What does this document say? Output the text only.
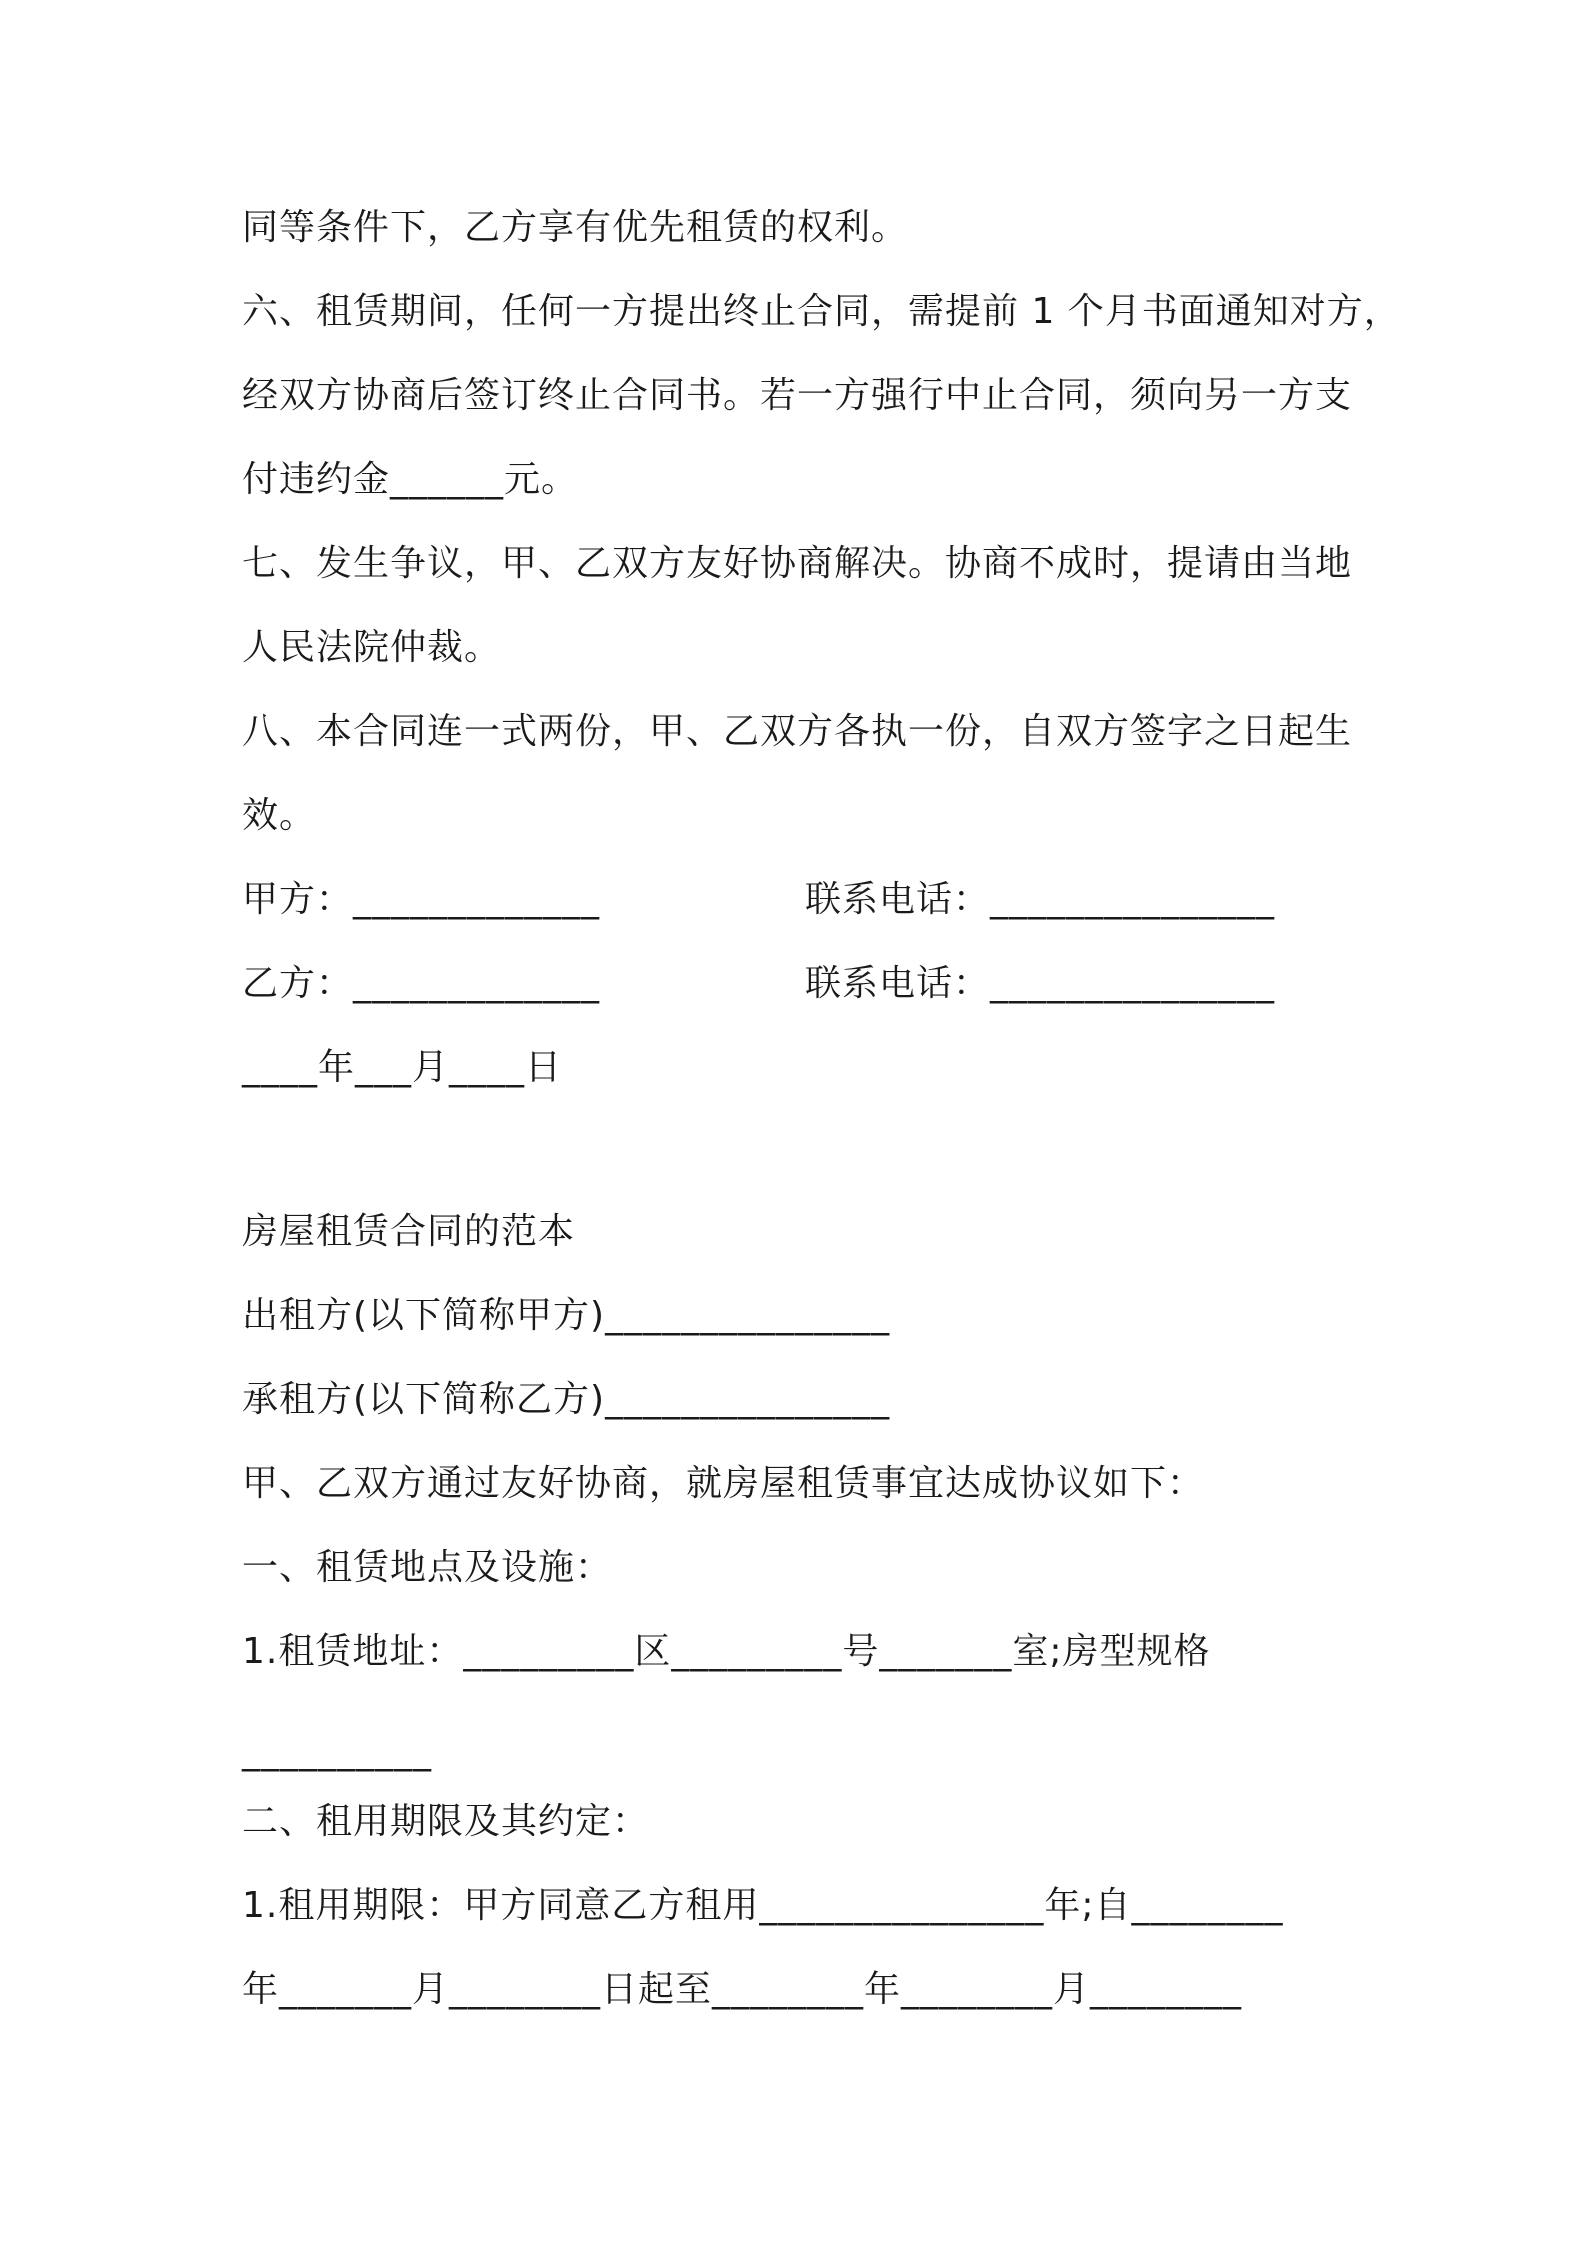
同等条件下，乙方享有优先租赁的权利。
六、租赁期间，任何一方提出终止合同，需提前 1 个月书面通知对方，
经双方协商后签订终止合同书。若一方强行中止合同，须向另一方支
付违约金______元。
七、发生争议，甲、乙双方友好协商解决。协商不成时，提请由当地
人民法院仲裁。
八、本合同连一式两份，甲、乙双方各执一份，自双方签字之日起生
效。
甲方：_____________	联系电话：_______________
乙方：_____________	联系电话：_______________
____年___月____日
房屋租赁合同的范本
出租方(以下简称甲方)_______________
承租方(以下简称乙方)_______________
甲、乙双方通过友好协商，就房屋租赁事宜达成协议如下：
一、租赁地点及设施：
1.租赁地址：_________区_________号_______室;房型规格
__________
二、租用期限及其约定：
1.租用期限：甲方同意乙方租用_______________年;自________
年_______月________日起至________年________月________
